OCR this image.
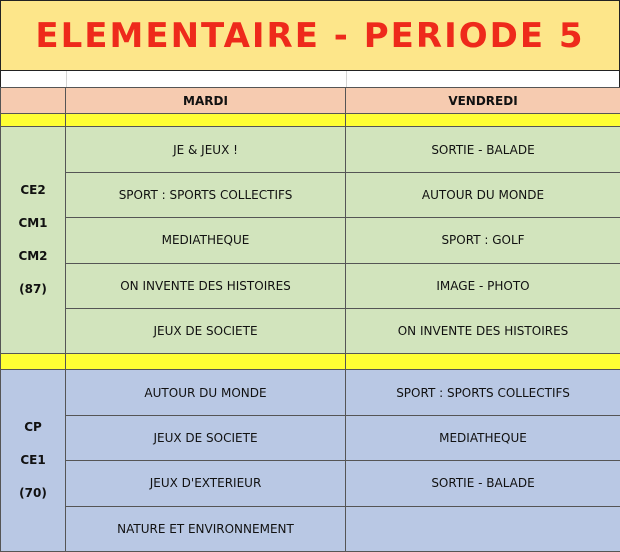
ELEMENTAIRE - PERIODE 5
	MARDI	VENDREDI

CE2
CM1
CM2
(87)	JE & JEUX !	SORTIE - BALADE
	SPORT : SPORTS COLLECTIFS	AUTOUR DU MONDE
	MEDIATHEQUE	SPORT : GOLF
	ON INVENTE DES HISTOIRES	IMAGE - PHOTO
	JEUX DE SOCIETE	ON INVENTE DES HISTOIRES

CP
CE1
(70)	AUTOUR DU MONDE	SPORT : SPORTS COLLECTIFS
	JEUX DE SOCIETE	MEDIATHEQUE
	JEUX D'EXTERIEUR	SORTIE - BALADE
	NATURE ET ENVIRONNEMENT	
